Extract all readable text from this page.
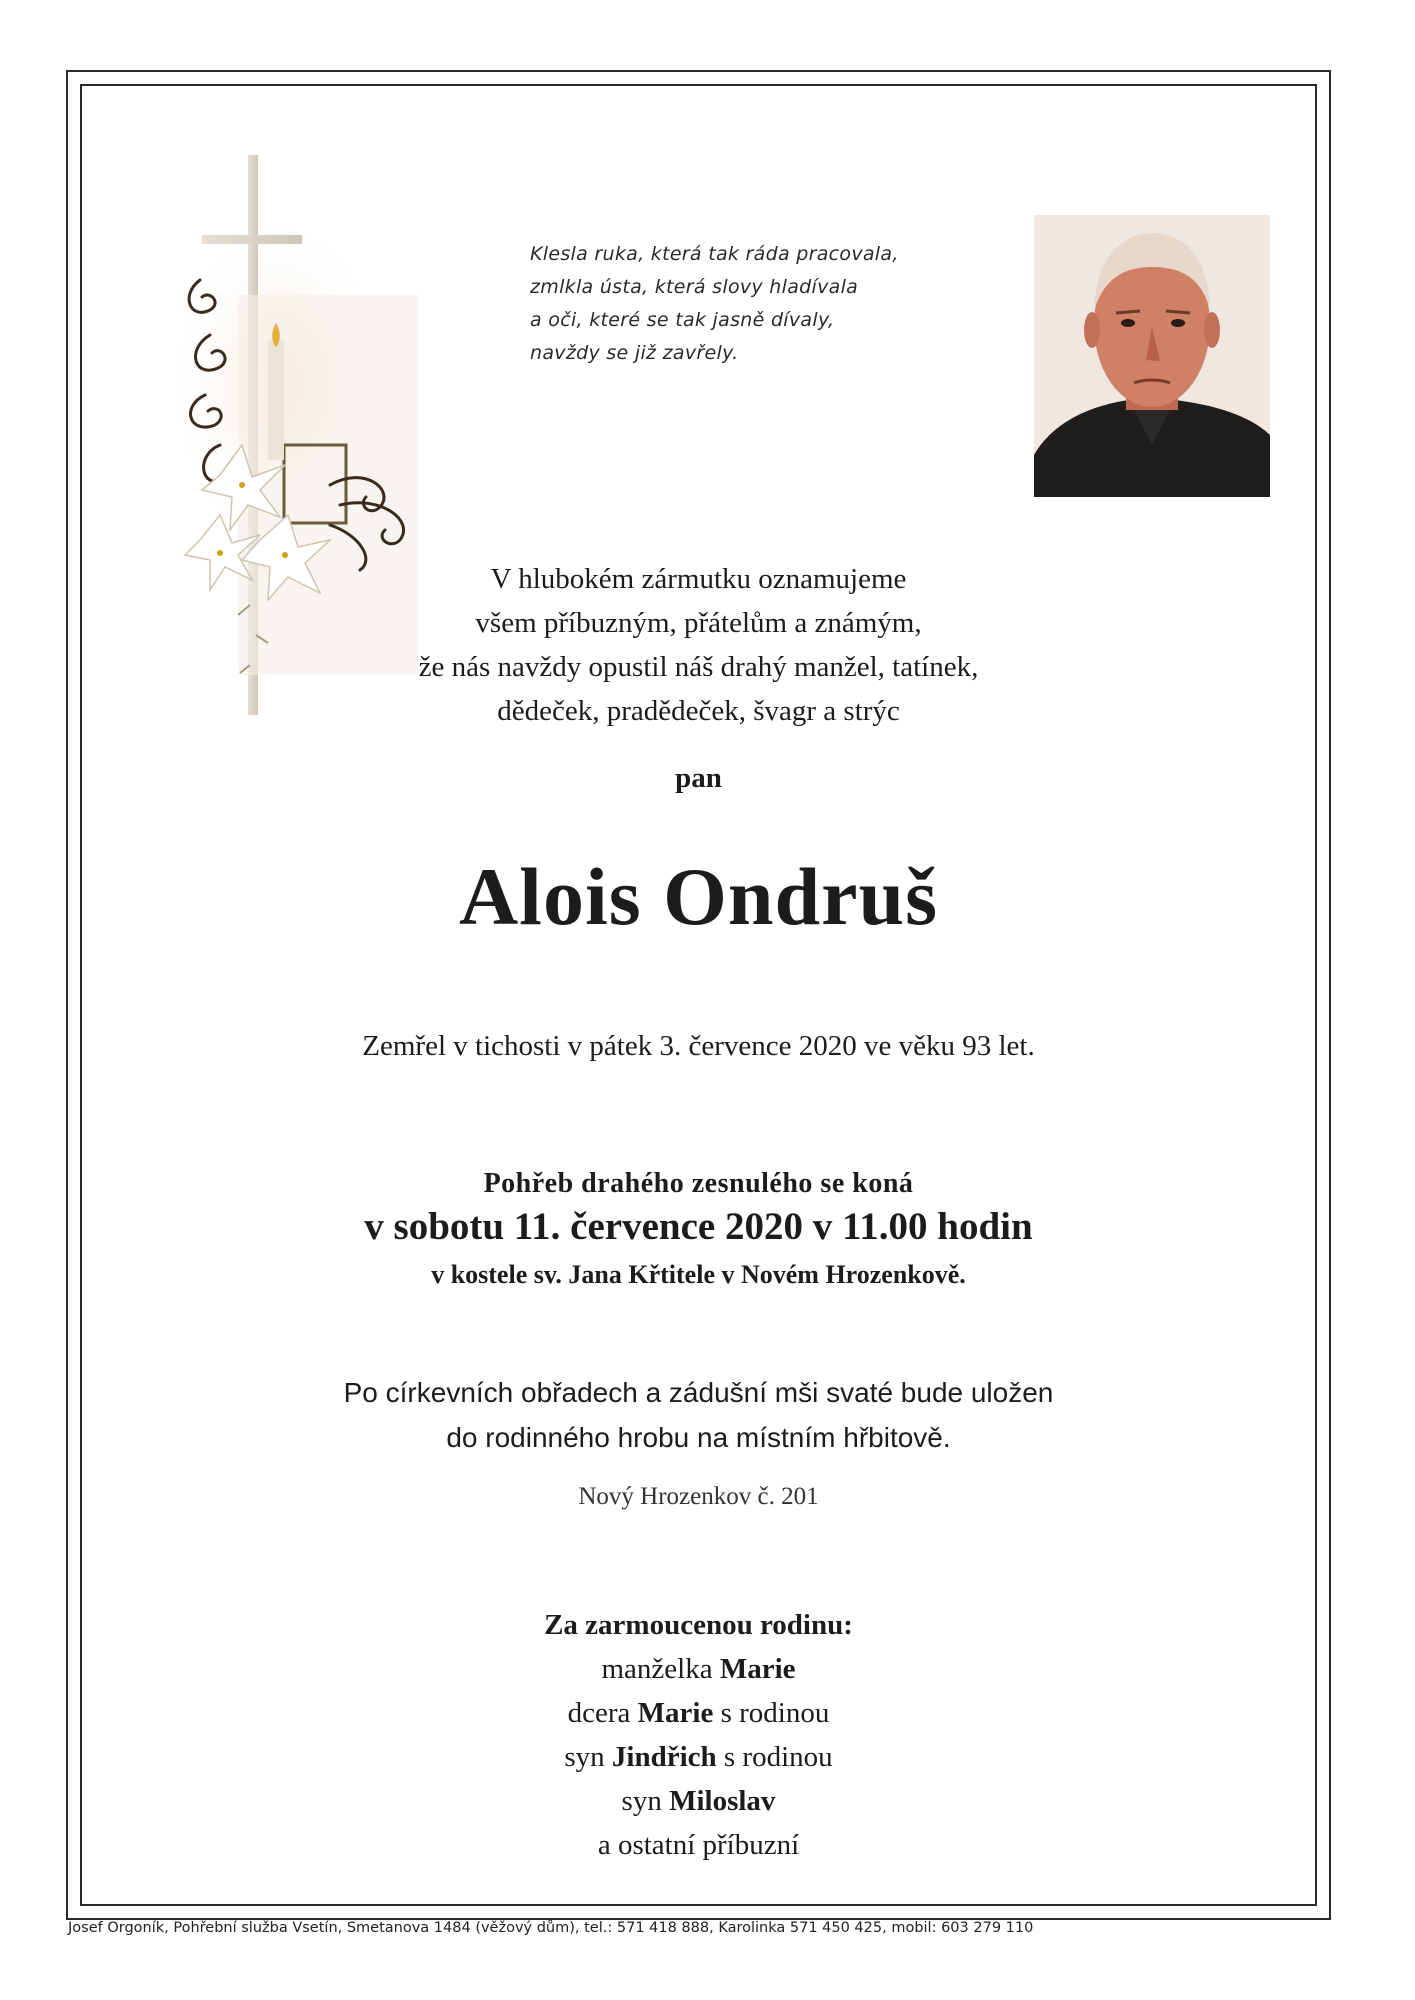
Klesla ruka, která tak ráda pracovala,
zmlkla ústa, která slovy hladívala
a oči, které se tak jasně dívaly,
navždy se již zavřely.
V hlubokém zármutku oznamujeme
všem příbuzným, přátelům a známým,
že nás navždy opustil náš drahý manžel, tatínek,
dědeček, pradědeček, švagr a strýc
pan
Alois Ondruš
Zemřel v tichosti v pátek 3. července 2020 ve věku 93 let.
Pohřeb drahého zesnulého se koná
v sobotu 11. července 2020 v 11.00 hodin
v kostele sv. Jana Křtitele v Novém Hrozenkově.
Po církevních obřadech a zádušní mši svaté bude uložen
do rodinného hrobu na místním hřbitově.
Nový Hrozenkov č. 201
Za zarmoucenou rodinu:
manželka Marie
dcera Marie s rodinou
syn Jindřich s rodinou
syn Miloslav
a ostatní příbuzní
Josef Orgoník, Pohřební služba Vsetín, Smetanova 1484 (věžový dům), tel.: 571 418 888, Karolinka 571 450 425, mobil: 603 279 110
